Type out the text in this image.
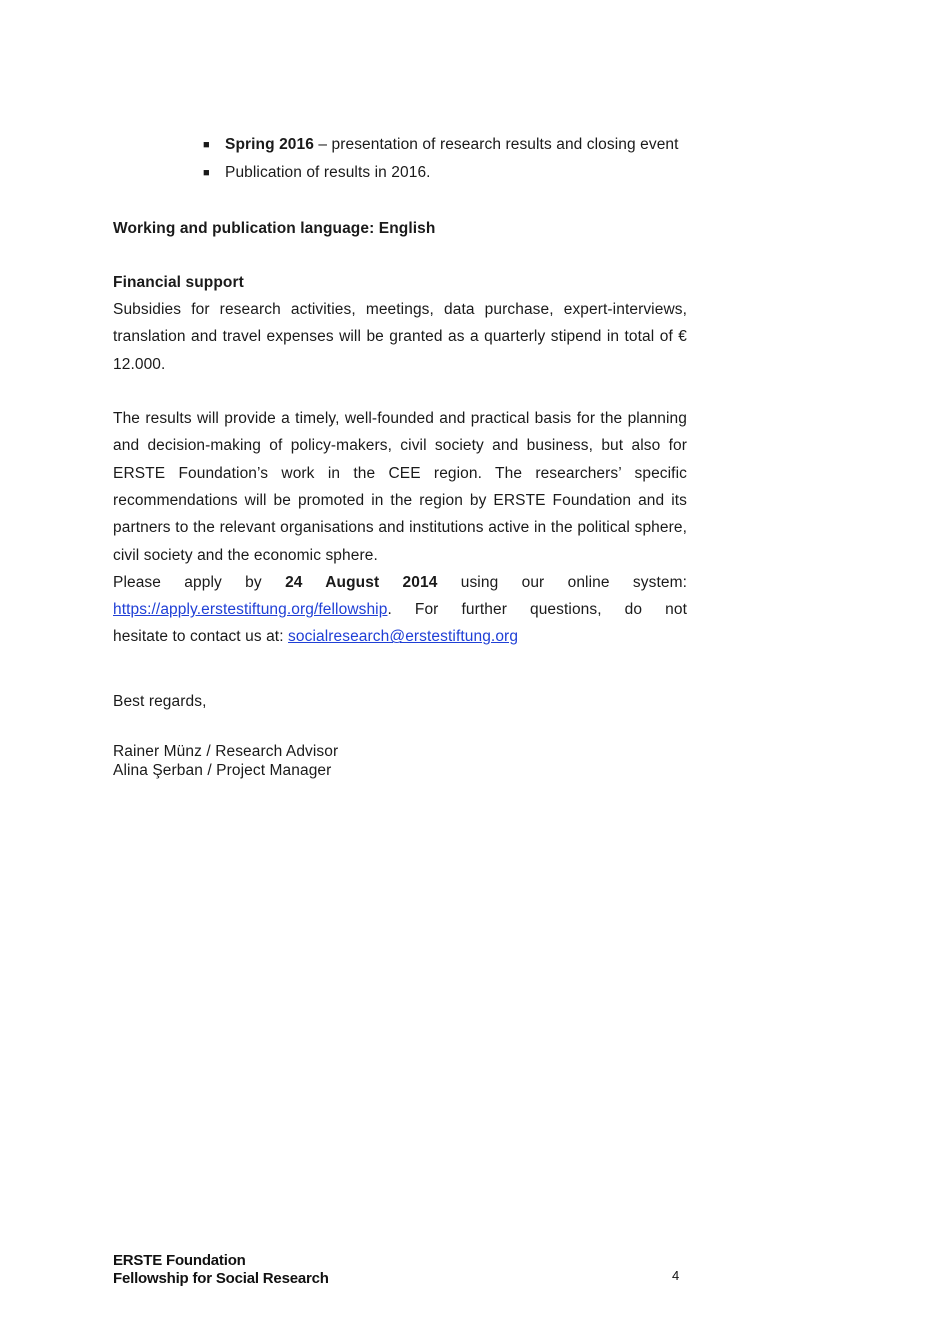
■ Spring 2016 – presentation of research results and closing event
■ Publication of results in 2016.

Working and publication language: English

Financial support

Subsidies for research activities, meetings, data purchase, expert-interviews, translation and travel expenses will be granted as a quarterly stipend in total of € 12.000.

The results will provide a timely, well-founded and practical basis for the planning and decision-making of policy-makers, civil society and business, but also for ERSTE Foundation’s work in the CEE region. The researchers’ specific recommendations will be promoted in the region by ERSTE Foundation and its partners to the relevant organisations and institutions active in the political sphere, civil society and the economic sphere.

Please apply by 24 August 2014 using our online system:

https://apply.erstestiftung.org/fellowship. For further questions, do not

hesitate to contact us at: socialresearch@erstestiftung.org

Best regards,

Rainer Münz / Research Advisor

Alina Şerban / Project Manager

ERSTE Foundation
Fellowship for Social Research	4
